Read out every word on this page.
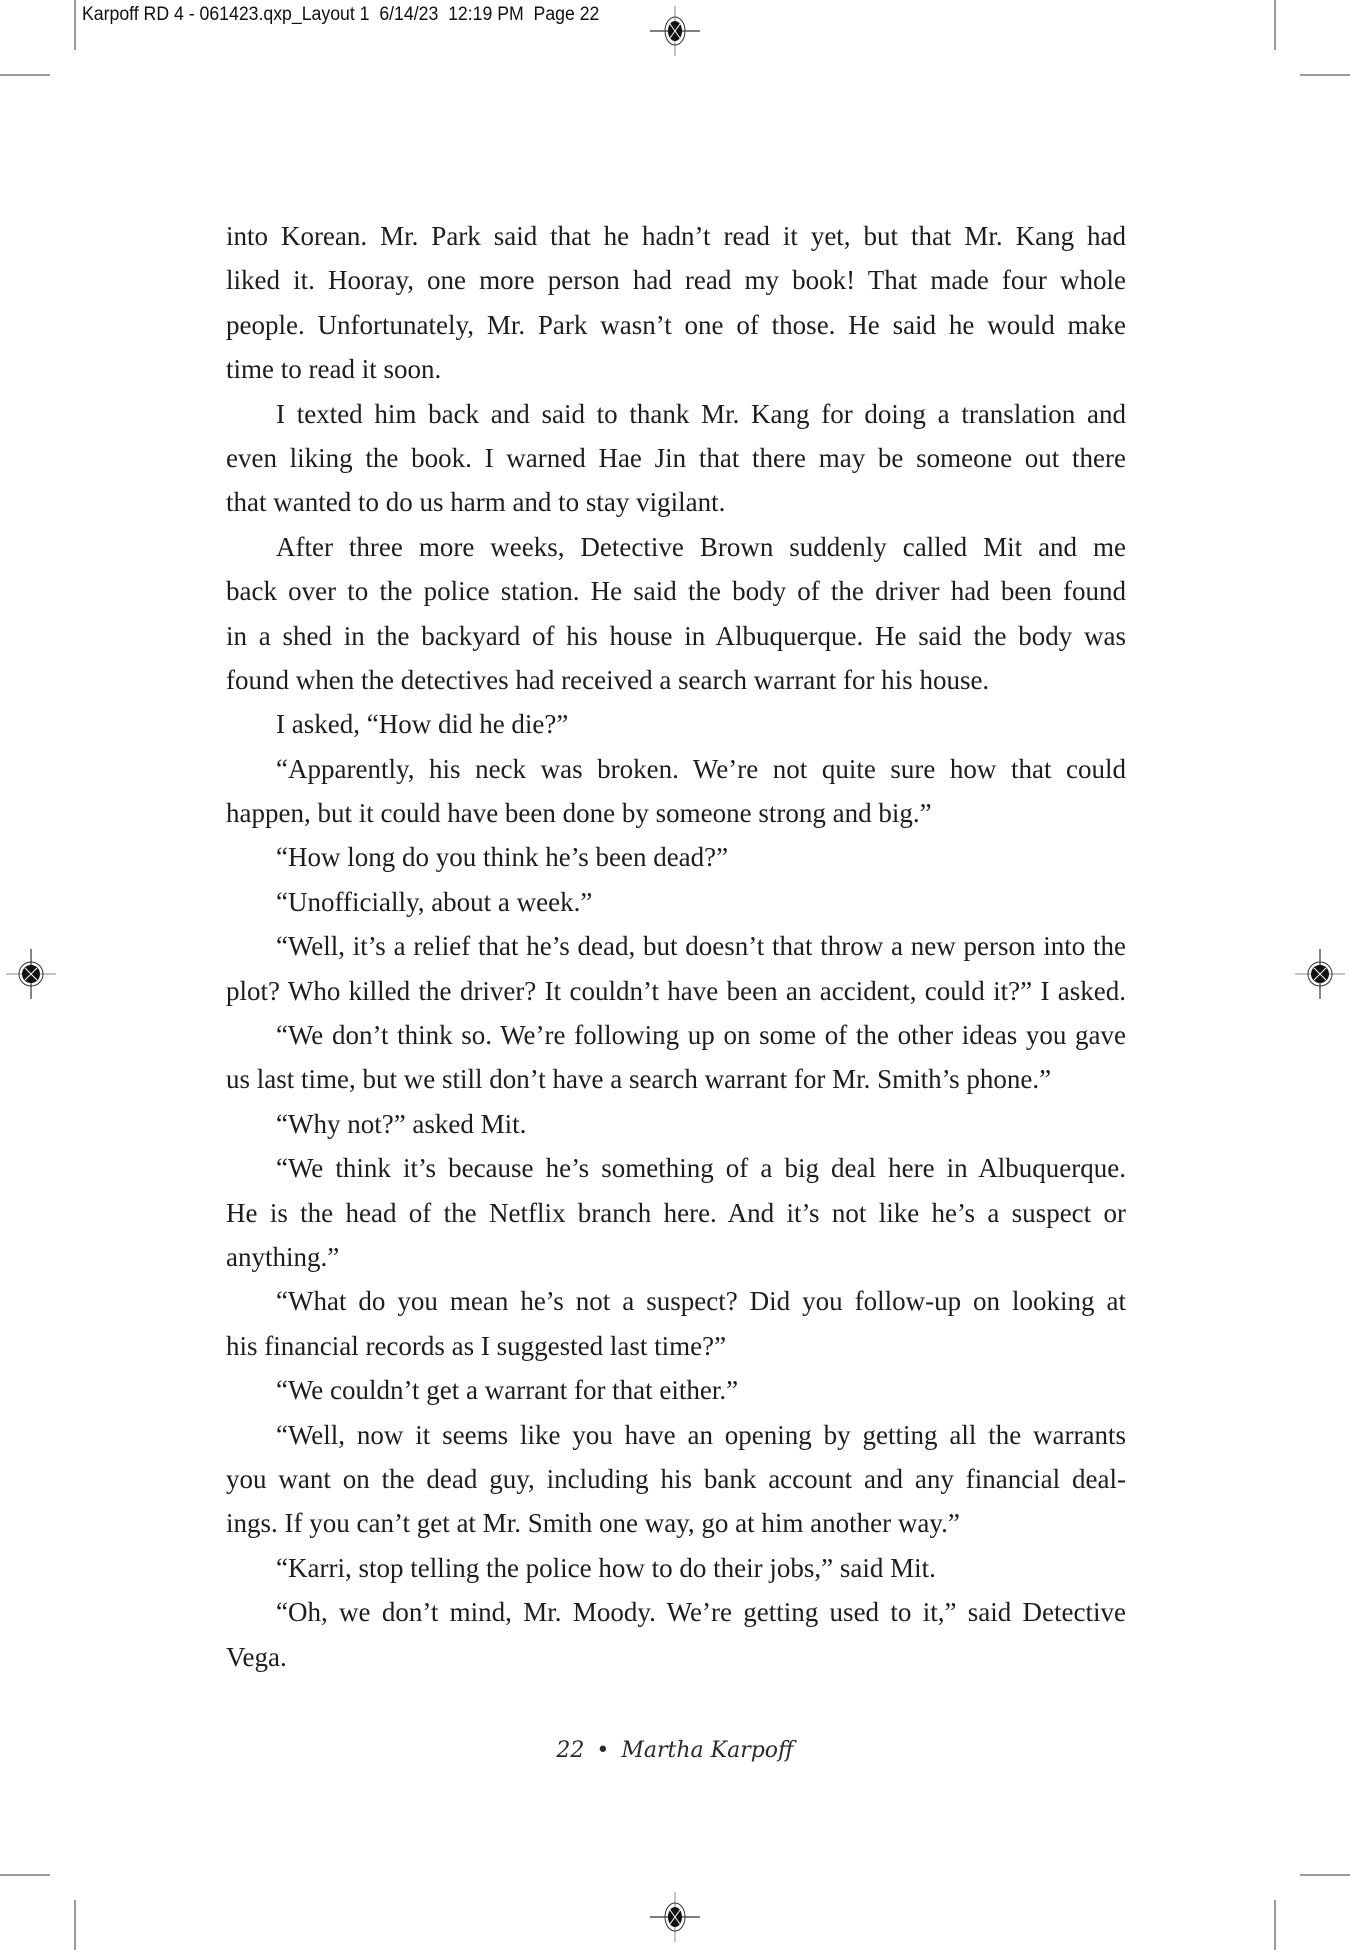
Karpoff RD 4 - 061423.qxp_Layout 1  6/14/23  12:19 PM  Page 22
into Korean. Mr. Park said that he hadn’t read it yet, but that Mr. Kang had
liked it. Hooray, one more person had read my book! That made four whole
people. Unfortunately, Mr. Park wasn’t one of those. He said he would make
time to read it soon.
I texted him back and said to thank Mr. Kang for doing a translation and
even liking the book. I warned Hae Jin that there may be someone out there
that wanted to do us harm and to stay vigilant.
After three more weeks, Detective Brown suddenly called Mit and me
back over to the police station. He said the body of the driver had been found
in a shed in the backyard of his house in Albuquerque. He said the body was
found when the detectives had received a search warrant for his house.
I asked, “How did he die?”
“Apparently, his neck was broken. We’re not quite sure how that could
happen, but it could have been done by someone strong and big.”
“How long do you think he’s been dead?”
“Unofficially, about a week.”
“Well, it’s a relief that he’s dead, but doesn’t that throw a new person into the
plot? Who killed the driver? It couldn’t have been an accident, could it?” I asked.
“We don’t think so. We’re following up on some of the other ideas you gave
us last time, but we still don’t have a search warrant for Mr. Smith’s phone.”
“Why not?” asked Mit.
“We think it’s because he’s something of a big deal here in Albuquerque.
He is the head of the Netflix branch here. And it’s not like he’s a suspect or
anything.”
“What do you mean he’s not a suspect? Did you follow-up on looking at
his financial records as I suggested last time?”
“We couldn’t get a warrant for that either.”
“Well, now it seems like you have an opening by getting all the warrants
you want on the dead guy, including his bank account and any financial deal-
ings. If you can’t get at Mr. Smith one way, go at him another way.”
“Karri, stop telling the police how to do their jobs,” said Mit.
“Oh, we don’t mind, Mr. Moody. We’re getting used to it,” said Detective
Vega.
22 • Martha Karpoff
